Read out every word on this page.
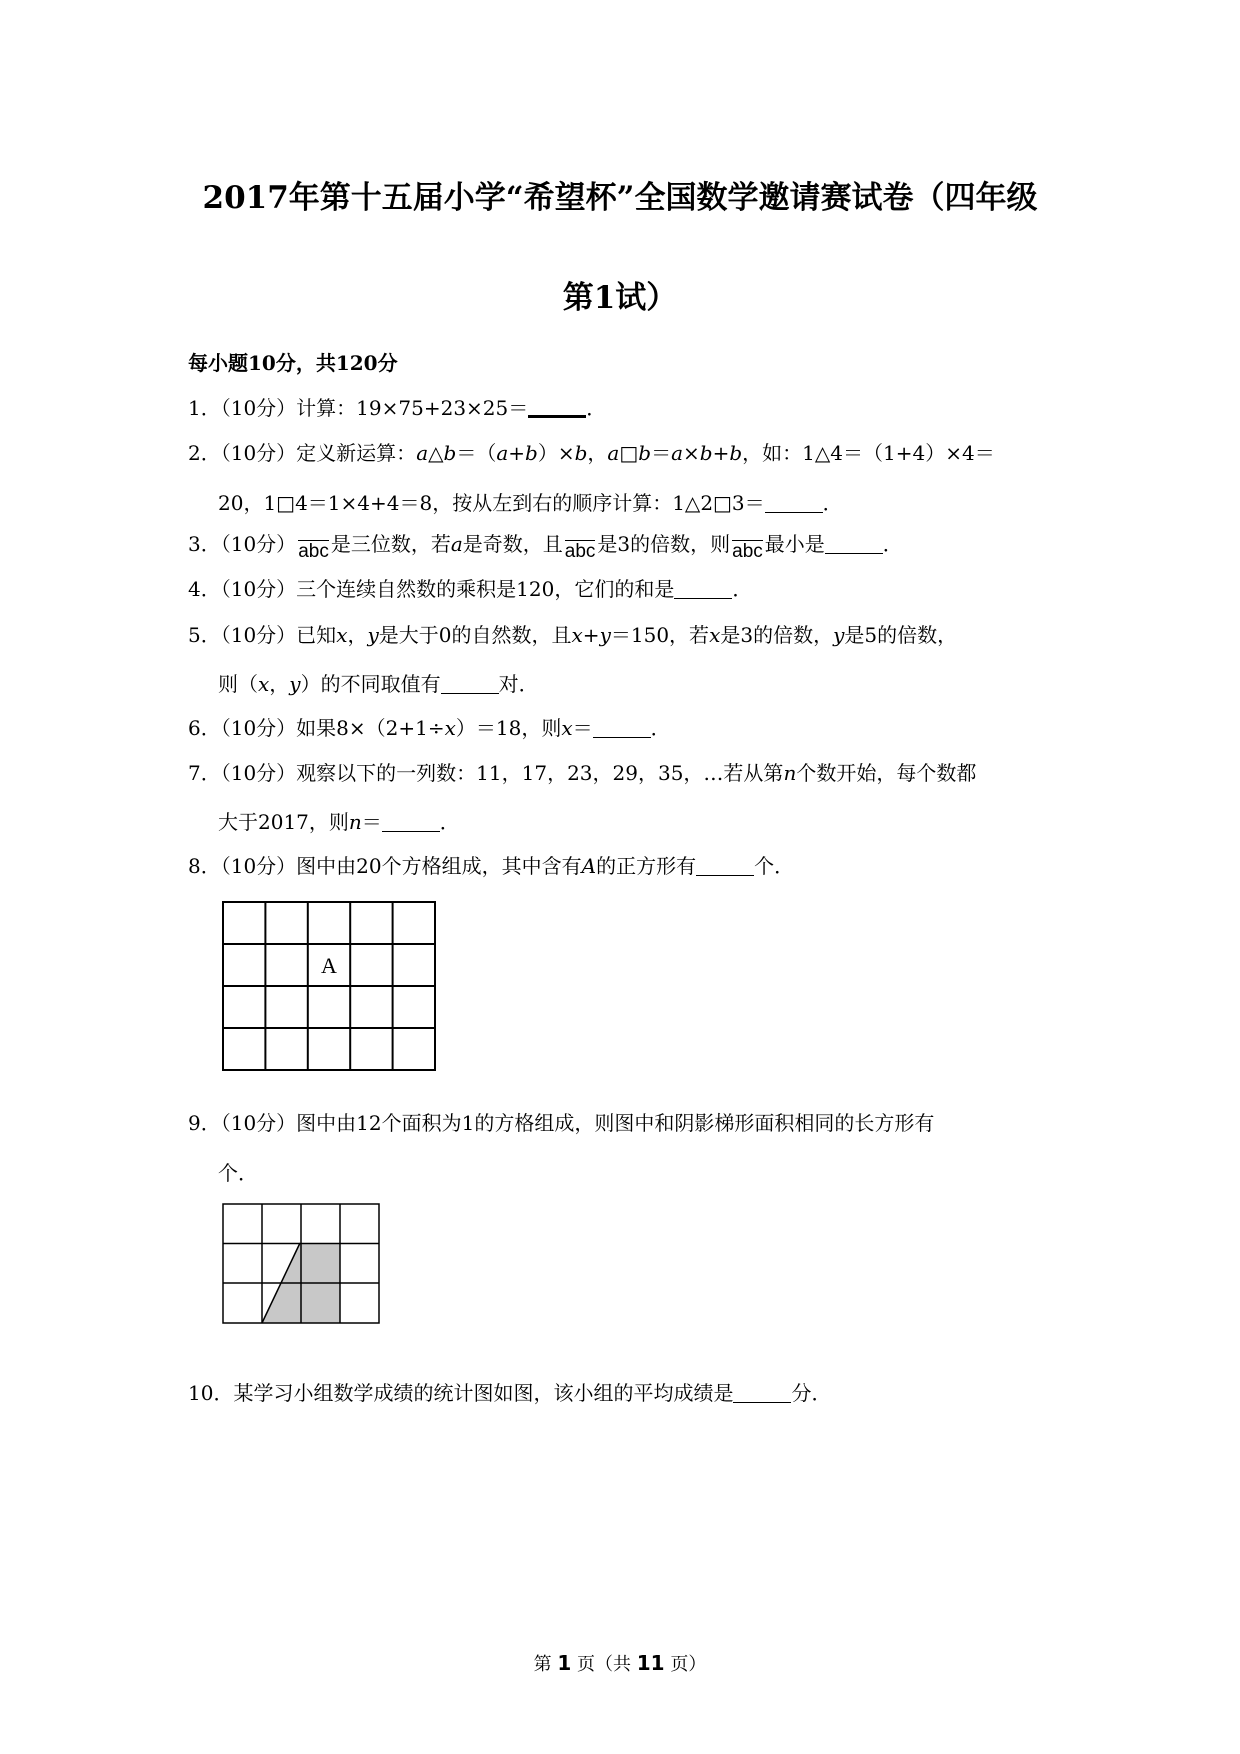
2017年第十五届小学“希望杯”全国数学邀请赛试卷（四年级
第1试）
每小题10分，共120分
1．（10分）计算：19×75+23×25＝	．
2．（10分）定义新运算：a△b＝（a+b）×b，a□b＝a×b+b，如：1△4＝（1+4）×4＝
20，1□4＝1×4+4＝8，按从左到右的顺序计算：1△2□3＝	．
3．（10分） abc 是三位数，若a是奇数，且 abc 是3的倍数，则 abc 最小是	．
4．（10分）三个连续自然数的乘积是120，它们的和是	．
5．（10分）已知x，y是大于0的自然数，且x+y＝150，若x是3的倍数，y是5的倍数，
则（x，y）的不同取值有	对．
6．（10分）如果8×（2+1÷x）＝18，则x＝	．
7．（10分）观察以下的一列数：11，17，23，29，35，…若从第n个数开始，每个数都
大于2017，则n＝	．
8．（10分）图中由20个方格组成，其中含有A的正方形有	个．
A
9．（10分）图中由12个面积为1的方格组成，则图中和阴影梯形面积相同的长方形有
个．
10．某学习小组数学成绩的统计图如图，该小组的平均成绩是	分．
第 1 页（共 11 页）
